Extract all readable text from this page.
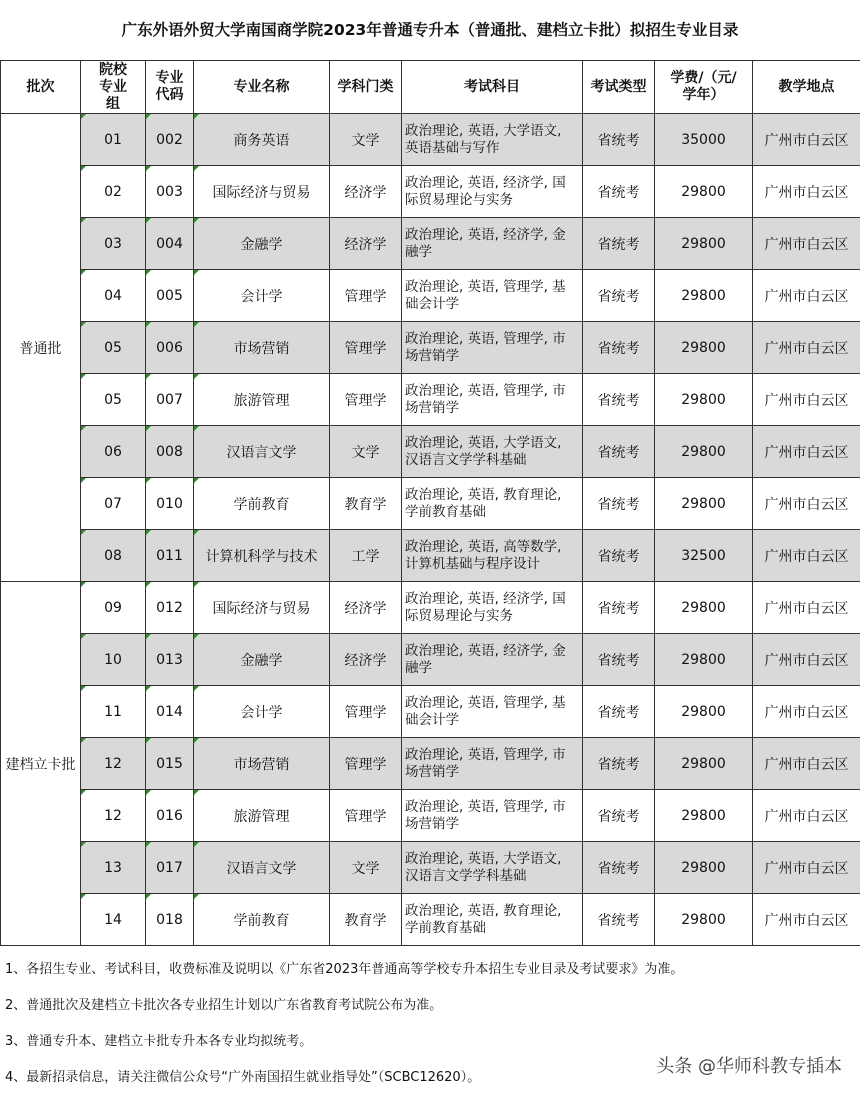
广东外语外贸大学南国商学院2023年普通专升本（普通批、建档立卡批）拟招生专业目录
批次	院校专业组	专业代码	专业名称	学科门类	考试科目	考试类型	学费/（元/学年）	教学地点
普通批	01	002	商务英语	文学	政治理论, 英语, 大学语文, 英语基础与写作	省统考	35000	广州市白云区
	02	003	国际经济与贸易	经济学	政治理论, 英语, 经济学, 国际贸易理论与实务	省统考	29800	广州市白云区
	03	004	金融学	经济学	政治理论, 英语, 经济学, 金融学	省统考	29800	广州市白云区
	04	005	会计学	管理学	政治理论, 英语, 管理学, 基础会计学	省统考	29800	广州市白云区
	05	006	市场营销	管理学	政治理论, 英语, 管理学, 市场营销学	省统考	29800	广州市白云区
	05	007	旅游管理	管理学	政治理论, 英语, 管理学, 市场营销学	省统考	29800	广州市白云区
	06	008	汉语言文学	文学	政治理论, 英语, 大学语文, 汉语言文学学科基础	省统考	29800	广州市白云区
	07	010	学前教育	教育学	政治理论, 英语, 教育理论, 学前教育基础	省统考	29800	广州市白云区
	08	011	计算机科学与技术	工学	政治理论, 英语, 高等数学, 计算机基础与程序设计	省统考	32500	广州市白云区
建档立卡批	09	012	国际经济与贸易	经济学	政治理论, 英语, 经济学, 国际贸易理论与实务	省统考	29800	广州市白云区
	10	013	金融学	经济学	政治理论, 英语, 经济学, 金融学	省统考	29800	广州市白云区
	11	014	会计学	管理学	政治理论, 英语, 管理学, 基础会计学	省统考	29800	广州市白云区
	12	015	市场营销	管理学	政治理论, 英语, 管理学, 市场营销学	省统考	29800	广州市白云区
	12	016	旅游管理	管理学	政治理论, 英语, 管理学, 市场营销学	省统考	29800	广州市白云区
	13	017	汉语言文学	文学	政治理论, 英语, 大学语文, 汉语言文学学科基础	省统考	29800	广州市白云区
	14	018	学前教育	教育学	政治理论, 英语, 教育理论, 学前教育基础	省统考	29800	广州市白云区
1、各招生专业、考试科目，收费标准及说明以《广东省2023年普通高等学校专升本招生专业目录及考试要求》为准。
2、普通批次及建档立卡批次各专业招生计划以广东省教育考试院公布为准。
3、普通专升本、建档立卡批专升本各专业均拟统考。
4、最新招录信息，请关注微信公众号“广外南国招生就业指导处”（SCBC12620）。
头条 @华师科教专插本
